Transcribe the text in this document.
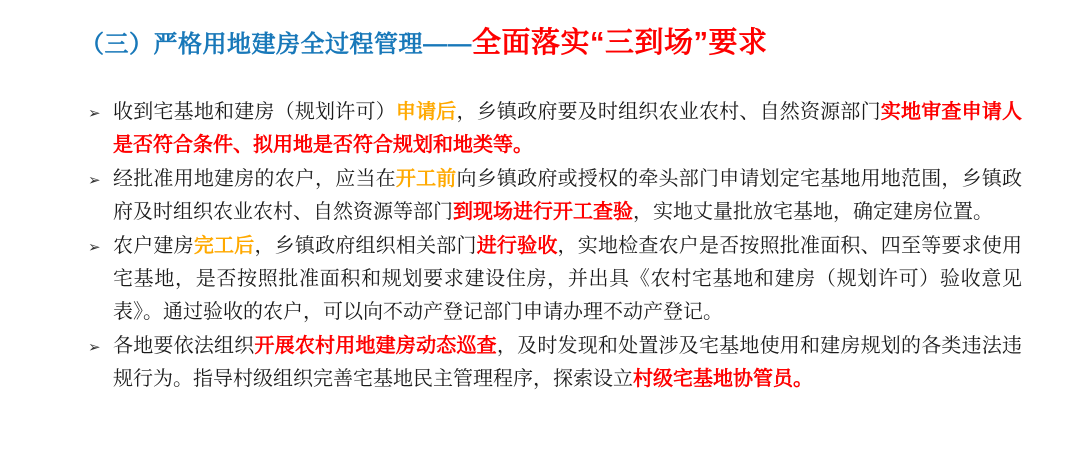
（三）严格用地建房全过程管理——全面落实“三到场”要求
➢ 收到宅基地和建房（规划许可）申请后，乡镇政府要及时组织农业农村、自然资源部门实地审查申请人是否符合条件、拟用地是否符合规划和地类等。
➢ 经批准用地建房的农户，应当在开工前向乡镇政府或授权的牵头部门申请划定宅基地用地范围，乡镇政府及时组织农业农村、自然资源等部门到现场进行开工查验，实地丈量批放宅基地，确定建房位置。
➢ 农户建房完工后，乡镇政府组织相关部门进行验收，实地检查农户是否按照批准面积、四至等要求使用宅基地，是否按照批准面积和规划要求建设住房，并出具《农村宅基地和建房（规划许可）验收意见表》。通过验收的农户，可以向不动产登记部门申请办理不动产登记。
➢ 各地要依法组织开展农村用地建房动态巡查，及时发现和处置涉及宅基地使用和建房规划的各类违法违规行为。指导村级组织完善宅基地民主管理程序，探索设立村级宅基地协管员。
